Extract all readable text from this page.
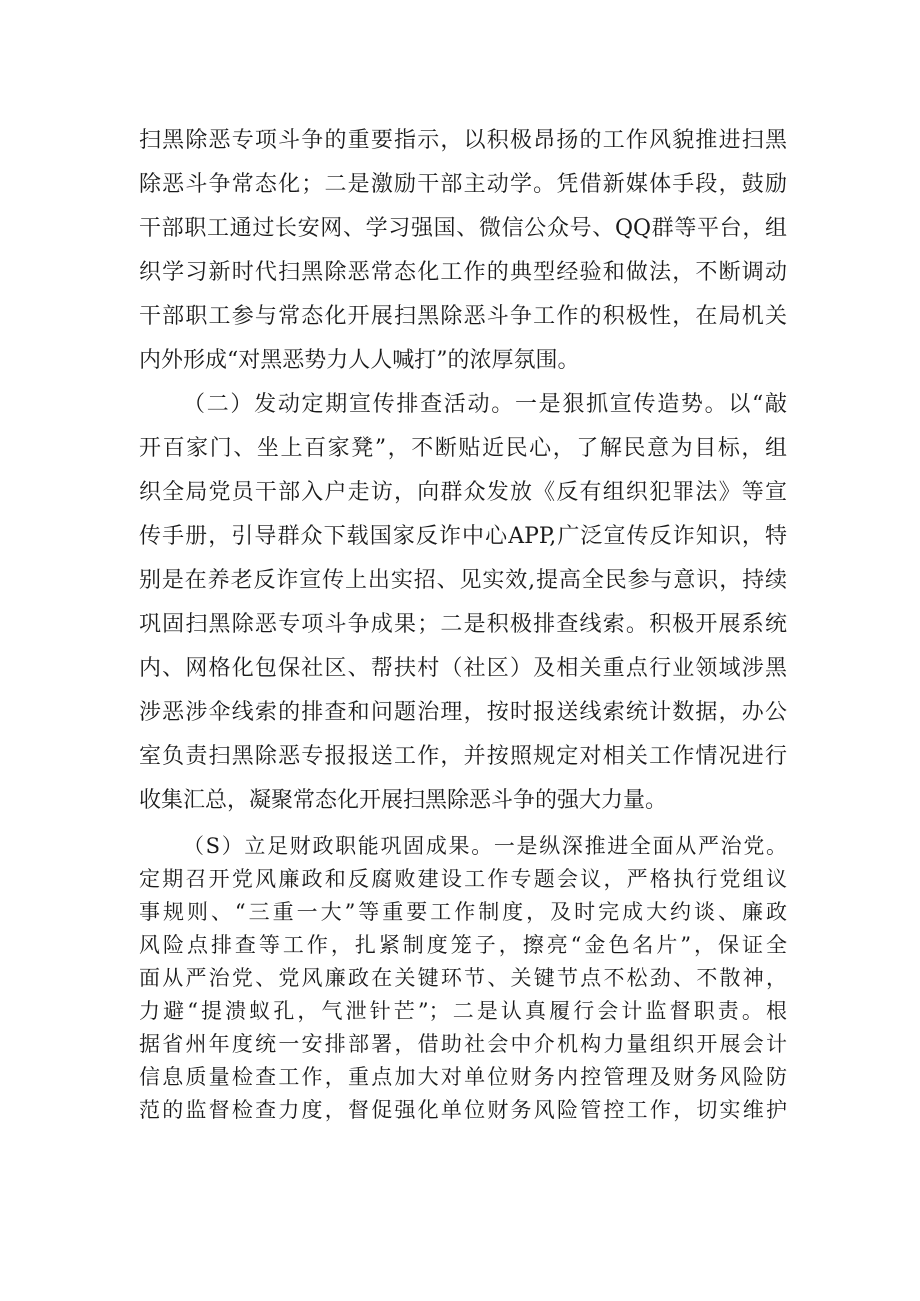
扫黑除恶专项斗争的重要指示，以积极昂扬的工作风貌推进扫黑
除恶斗争常态化；二是激励干部主动学。凭借新媒体手段，鼓励
干部职工通过长安网、学习强国、微信公众号、QQ群等平台，组
织学习新时代扫黑除恶常态化工作的典型经验和做法，不断调动
干部职工参与常态化开展扫黑除恶斗争工作的积极性，在局机关
内外形成“对黑恶势力人人喊打”的浓厚氛围。
（二）发动定期宣传排查活动。一是狠抓宣传造势。以“敲
开百家门、坐上百家凳”，不断贴近民心，了解民意为目标，组
织全局党员干部入户走访，向群众发放《反有组织犯罪法》等宣
传手册，引导群众下载国家反诈中心APP,广泛宣传反诈知识，特
别是在养老反诈宣传上出实招、见实效,提高全民参与意识，持续
巩固扫黑除恶专项斗争成果；二是积极排查线索。积极开展系统
内、网格化包保社区、帮扶村（社区）及相关重点行业领域涉黑
涉恶涉伞线索的排查和问题治理，按时报送线索统计数据，办公
室负责扫黑除恶专报报送工作，并按照规定对相关工作情况进行
收集汇总，凝聚常态化开展扫黑除恶斗争的强大力量。
（S）立足财政职能巩固成果。一是纵深推进全面从严治党。
定期召开党风廉政和反腐败建设工作专题会议，严格执行党组议
事规则、“三重一大”等重要工作制度，及时完成大约谈、廉政
风险点排查等工作，扎紧制度笼子，擦亮“金色名片”，保证全
面从严治党、党风廉政在关键环节、关键节点不松劲、不散神，
力避“提溃蚁孔，气泄针芒”；二是认真履行会计监督职责。根
据省州年度统一安排部署，借助社会中介机构力量组织开展会计
信息质量检查工作，重点加大对单位财务内控管理及财务风险防
范的监督检查力度，督促强化单位财务风险管控工作，切实维护
